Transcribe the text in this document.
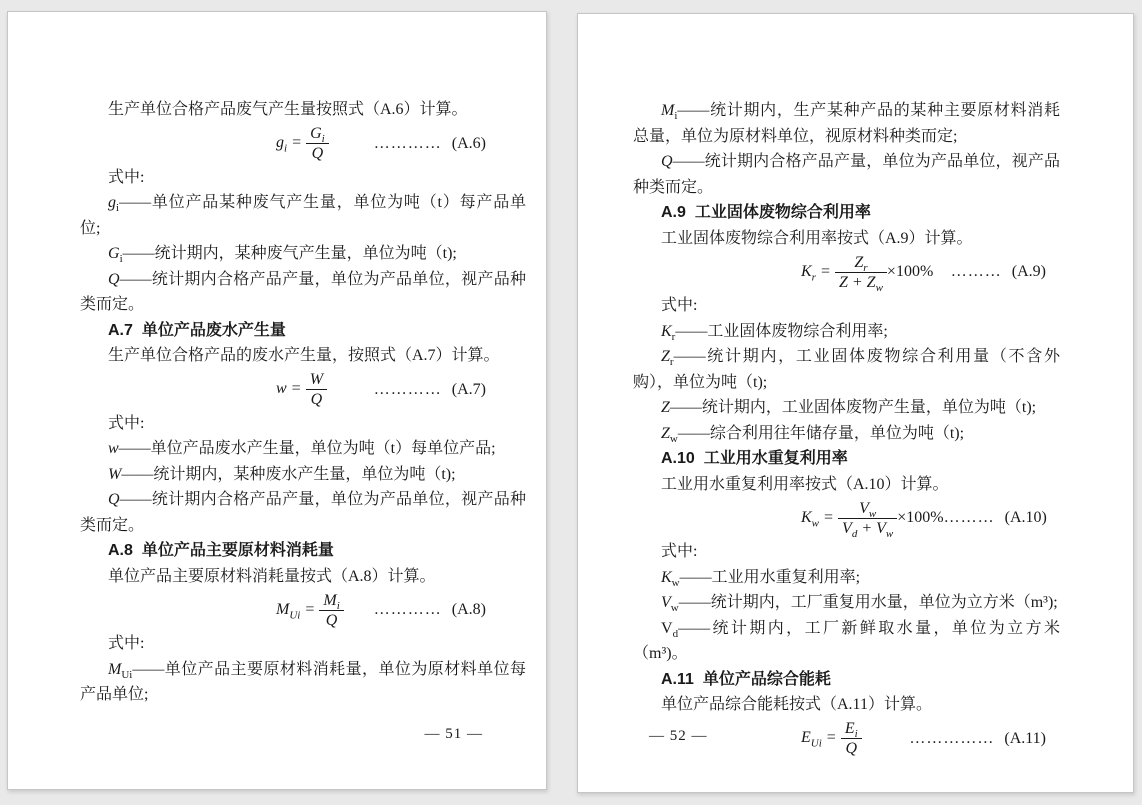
生产单位合格产品废气产生量按照式（A.6）计算。

$g_i = \frac{G_i}{Q}$	………… (A.6)

式中:

$g_i——$单位产品某种废气产生量，单位为吨（t）每产品单位;

$G_i——$统计期内，某种废气产生量，单位为吨（t);

Q——统计期内合格产品产量，单位为产品单位，视产品种类而定。

A.7 单位产品废水产生量

生产单位合格产品的废水产生量，按照式（A.7）计算。

$w = \frac{W}{Q}$	………… (A.7)

式中:

w——单位产品废水产生量，单位为吨（t）每单位产品;

W——统计期内，某种废水产生量，单位为吨（t);

Q——统计期内合格产品产量，单位为产品单位，视产品种类而定。

A.8 单位产品主要原材料消耗量

单位产品主要原材料消耗量按式（A.8）计算。

$M_{Ui} = \frac{M_i}{Q}$ ………… (A.8)

式中:

$M_{Ui}——$单位产品主要原材料消耗量，单位为原材料单位每产品单位;

— 51 —

$M_i——$统计期内，生产某种产品的某种主要原材料消耗总量，单位为原材料单位，视原材料种类而定;

Q——统计期内合格产品产量，单位为产品单位，视产品种类而定。

A.9 工业固体废物综合利用率

工业固体废物综合利用率按式（A.9）计算。

$K_r = \frac{Z_r}{Z + Z_w} \times 100\%$ ……… (A.9)

式中:

$K_r——$工业固体废物综合利用率;

$Z_r——$统计期内，工业固体废物综合利用量（不含外购），单位为吨（t);

Z——统计期内，工业固体废物产生量，单位为吨（t);

$Z_w——$综合利用往年储存量，单位为吨（t);

A.10 工业用水重复利用率

工业用水重复利用率按式（A.10）计算。

$K_w = \frac{V_w}{V_d + V_w} \times 100\%$ ……… (A.10)

式中:

$K_w——$工业用水重复利用率;

$V_w——$统计期内，工厂重复用水量，单位为立方米（m³);

$V_d——$统计期内，工厂新鲜取水量，单位为立方米（m³)。

A.11 单位产品综合能耗

单位产品综合能耗按式（A.11）计算。

$E_{Ui} = \frac{E_i}{Q}$	…………… (A.11)
— 52 —
